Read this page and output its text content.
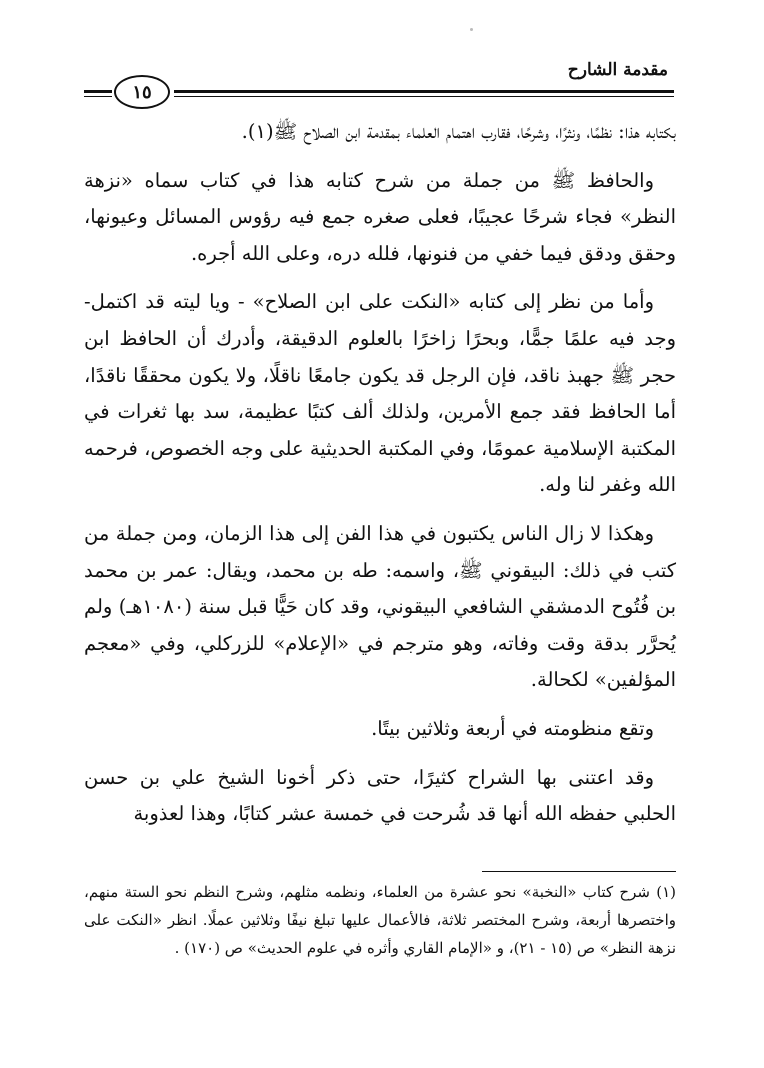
مقدمة الشارح
١٥

بكتابه هذا: نظمًا، ونثرًا، وشرحًا، فقارب اهتمام العلماء بمقدمة ابن الصلاح ﷺ(١).

والحافظ ﷺ من جملة من شرح كتابه هذا في كتاب سماه «نزهة النظر» فجاء شرحًا عجيبًا، فعلى صغره جمع فيه رؤوس المسائل وعيونها، وحقق ودقق فيما خفي من فنونها، فلله دره، وعلى الله أجره.

وأما من نظر إلى كتابه «النكت على ابن الصلاح» - ويا ليته قد اكتمل- وجد فيه علمًا جمًّا، وبحرًا زاخرًا بالعلوم الدقيقة، وأدرك أن الحافظ ابن حجر ﷺ جهبذ ناقد، فإن الرجل قد يكون جامعًا ناقلًا، ولا يكون محققًا ناقدًا، أما الحافظ فقد جمع الأمرين، ولذلك ألف كتبًا عظيمة، سد بها ثغرات في المكتبة الإسلامية عمومًا، وفي المكتبة الحديثية على وجه الخصوص، فرحمه الله وغفر لنا وله.

وهكذا لا زال الناس يكتبون في هذا الفن إلى هذا الزمان، ومن جملة من كتب في ذلك: البيقوني ﷺ، واسمه: طه بن محمد، ويقال: عمر بن محمد بن فُتُوح الدمشقي الشافعي البيقوني، وقد كان حَيًّا قبل سنة (١٠٨٠هـ) ولم يُحرَّر بدقة وقت وفاته، وهو مترجم في «الإعلام» للزركلي، وفي «معجم المؤلفين» لكحالة.

وتقع منظومته في أربعة وثلاثين بيتًا.

وقد اعتنى بها الشراح كثيرًا، حتى ذكر أخونا الشيخ علي بن حسن الحلبي حفظه الله أنها قد شُرحت في خمسة عشر كتابًا، وهذا لعذوبة

(١) شرح كتاب «النخبة» نحو عشرة من العلماء، ونظمه مثلهم، وشرح النظم نحو الستة منهم، واختصرها أربعة، وشرح المختصر ثلاثة، فالأعمال عليها تبلغ نيفًا وثلاثين عملًا. انظر «النكت على نزهة النظر» ص (١٥ - ٢١)، و «الإمام القاري وأثره في علوم الحديث» ص (١٧٠) .
